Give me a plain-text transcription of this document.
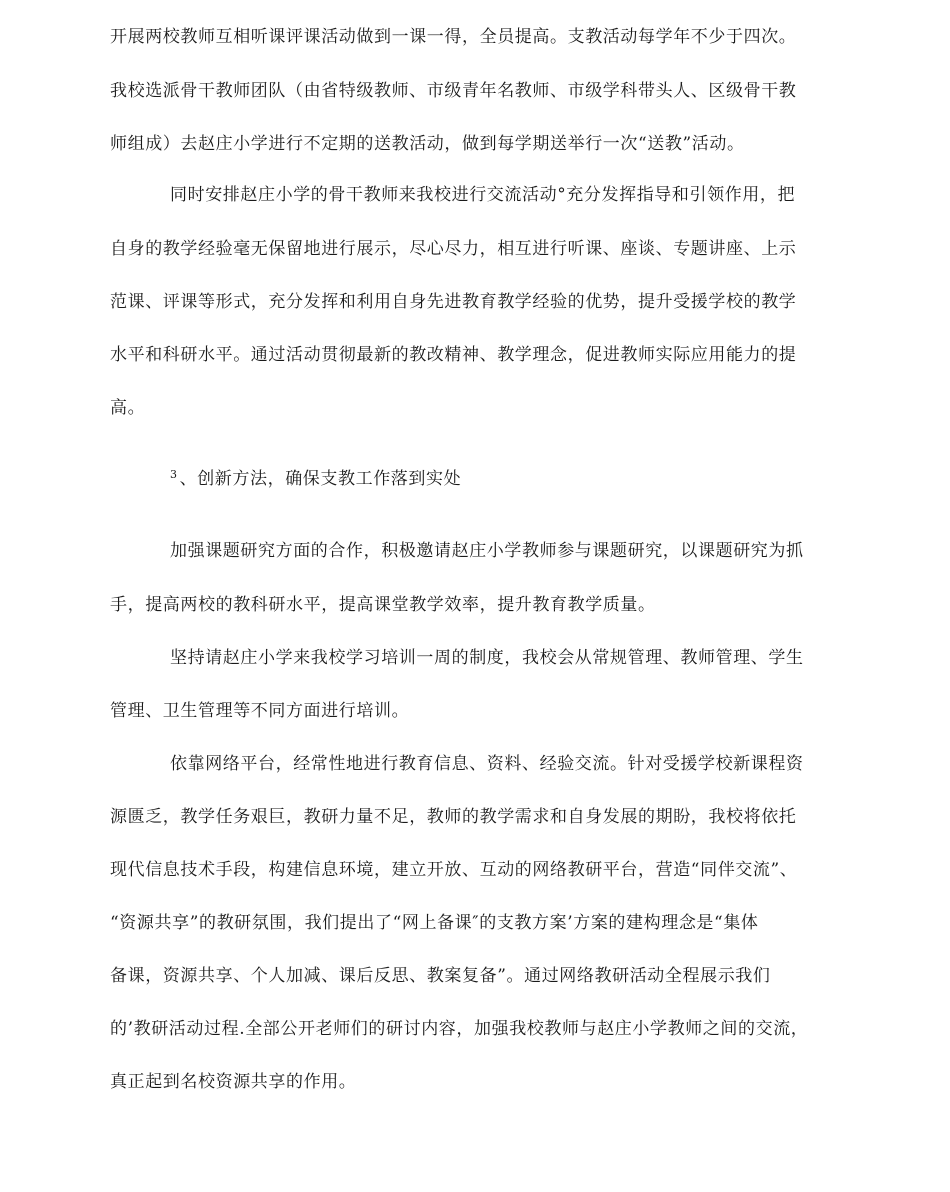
开展两校教师互相听课评课活动做到一课一得，全员提高。支教活动每学年不少于四次。
我校选派骨干教师团队（由省特级教师、市级青年名教师、市级学科带头人、区级骨干教
师组成）去赵庄小学进行不定期的送教活动，做到每学期送举行一次“送教”活动。
同时安排赵庄小学的骨干教师来我校进行交流活动°充分发挥指导和引领作用，把
自身的教学经验毫无保留地进行展示，尽心尽力，相互进行听课、座谈、专题讲座、上示
范课、评课等形式，充分发挥和利用自身先进教育教学经验的优势，提升受援学校的教学
水平和科研水平。通过活动贯彻最新的教改精神、教学理念，促进教师实际应用能力的提
高。
$^3$ 、创新方法，确保支教工作落到实处
加强课题研究方面的合作，积极邀请赵庄小学教师参与课题研究，以课题研究为抓
手，提高两校的教科研水平，提高课堂教学效率，提升教育教学质量。
坚持请赵庄小学来我校学习培训一周的制度，我校会从常规管理、教师管理、学生
管理、卫生管理等不同方面进行培训。
依靠网络平台，经常性地进行教育信息、资料、经验交流。针对受援学校新课程资
源匮乏，教学任务艰巨，教研力量不足，教师的教学需求和自身发展的期盼，我校将依托
现代信息技术手段，构建信息环境，建立开放、互动的网络教研平台，营造“同伴交流”、
“资源共享”的教研氛围，我们提出了“网上备课″的支教方案’方案的建构理念是“集体
备课，资源共享、个人加减、课后反思、教案复备”。通过网络教研活动全程展示我们
的’教研活动过程.全部公开老师们的研讨内容，加强我校教师与赵庄小学教师之间的交流，
真正起到名校资源共享的作用。
